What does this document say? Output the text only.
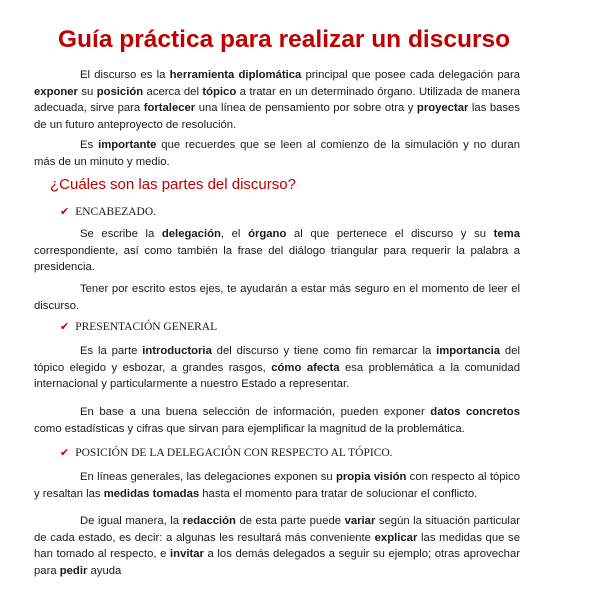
Guía práctica para realizar un discurso

El discurso es la herramienta diplomática principal que posee cada delegación para exponer su posición acerca del tópico a tratar en un determinado órgano. Utilizada de manera adecuada, sirve para fortalecer una línea de pensamiento por sobre otra y proyectar las bases de un futuro anteproyecto de resolución.

Es importante que recuerdes que se leen al comienzo de la simulación y no duran más de un minuto y medio.

¿Cuáles son las partes del discurso?
✔ ENCABEZADO.

Se escribe la delegación, el órgano al que pertenece el discurso y su tema correspondiente, así como también la frase del diálogo triangular para requerir la palabra a presidencia.

Tener por escrito estos ejes, te ayudarán a estar más seguro en el momento de leer el discurso.

✔ PRESENTACIÓN GENERAL

Es la parte introductoria del discurso y tiene como fin remarcar la importancia del tópico elegido y esbozar, a grandes rasgos, cómo afecta esa problemática a la comunidad internacional y particularmente a nuestro Estado a representar.

En base a una buena selección de información, pueden exponer datos concretos como estadísticas y cifras que sirvan para ejemplificar la magnitud de la problemática.

✔ POSICIÓN DE LA DELEGACIÓN CON RESPECTO AL TÓPICO.

En líneas generales, las delegaciones exponen su propia visión con respecto al tópico y resaltan las medidas tomadas hasta el momento para tratar de solucionar el conflicto.

De igual manera, la redacción de esta parte puede variar según la situación particular de cada estado, es decir: a algunas les resultará más conveniente explicar las medidas que se han tomado al respecto, e invitar a los demás delegados a seguir su ejemplo; otras aprovechar para pedir ayuda
